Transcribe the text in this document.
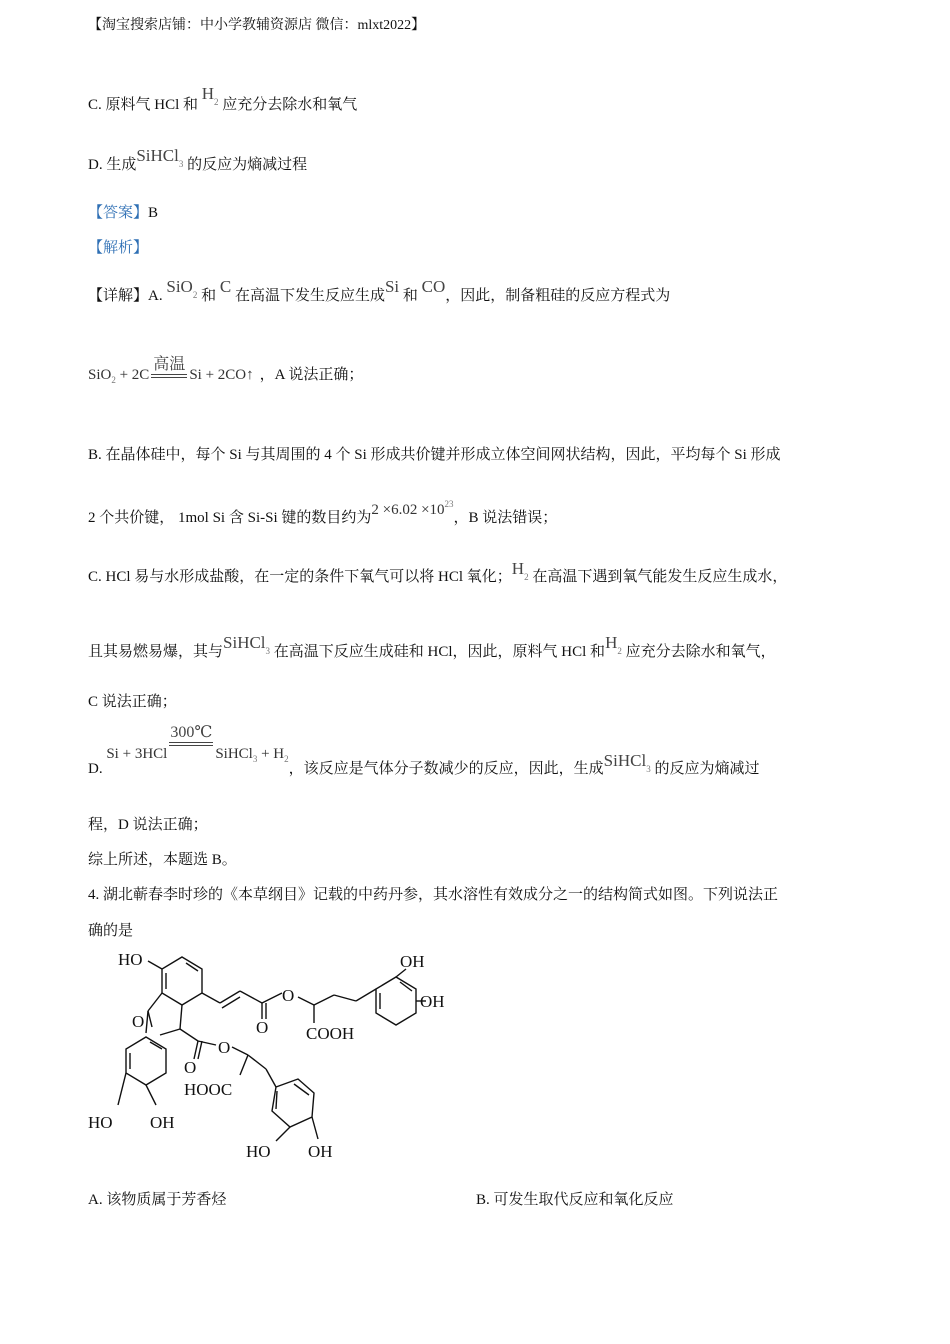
【淘宝搜索店铺：中小学教辅资源店 微信：mlxt2022】
C. 原料气 HCl 和 $H^2$ 应充分去除水和氧气
D. 生成SiHCl$_3$ 的反应为熵减过程
【答案】B
【解析】
【详解】A. SiO$_2$ 和 C 在高温下发生反应生成Si 和 CO，因此，制备粗硅的反应方程式为
SiO$_2$ + 2C
高温
Si + 2CO↑ ，A 说法正确；
B. 在晶体硅中，每个 Si 与其周围的 4 个 Si 形成共价键并形成立体空间网状结构，因此，平均每个 Si 形成
2 个共价键， 1mol Si 含 Si-Si 键的数目约为$2 \times 6.02 \times 10^{23}$，B 说法错误；
C. HCl 易与水形成盐酸，在一定的条件下氧气可以将 HCl 氧化；$H_2$ 在高温下遇到氧气能发生反应生成水，
且其易燃易爆，其与SiHCl$_3$ 在高温下反应生成硅和 HCl，因此，原料气 HCl 和$H_2$ 应充分去除水和氧气，
C 说法正确；
D. Si + 3HCl
300℃
SiHCl$_3$ + $H_2$，该反应是气体分子数减少的反应，因此，生成SiHCl$_3$ 的反应为熵减过
程，D 说法正确；
综上所述，本题选 B。
4. 湖北蕲春李时珍的《本草纲目》记载的中药丹参，其水溶性有效成分之一的结构简式如图。下列说法正
确的是
HO	OH
OH
O
O
O COOH
O
O
HOOC
HO OH
HO OH
A. 该物质属于芳香烃	B. 可发生取代反应和氧化反应
